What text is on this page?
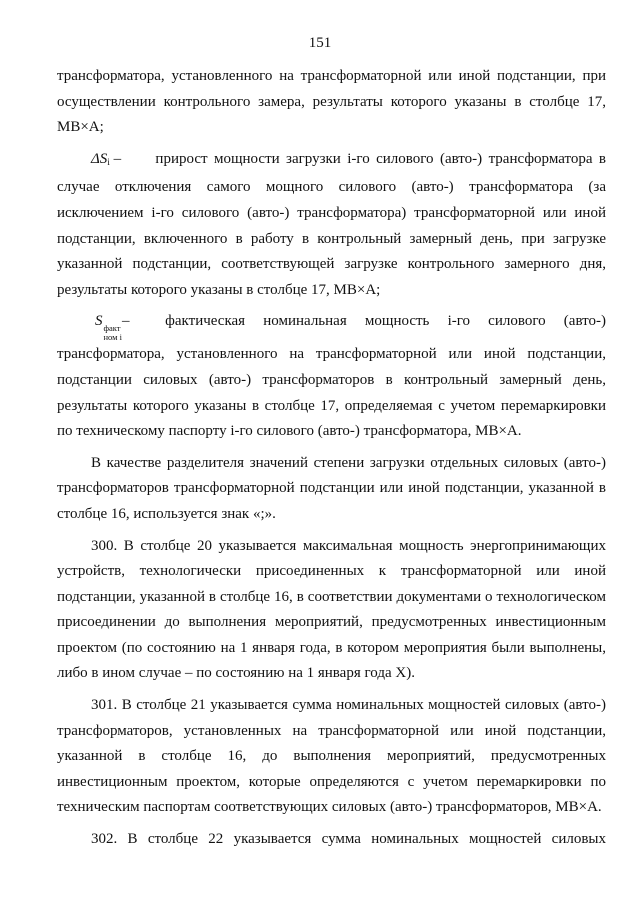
151

трансформатора, установленного на трансформаторной или иной подстанции, при осуществлении контрольного замера, результаты которого указаны в столбце 17, МВ×А;

$\Delta S_i$ – прирост мощности загрузки i-го силового (авто-) трансформатора в случае отключения самого мощного силового (авто-) трансформатора (за исключением i-го силового (авто-) трансформатора) трансформаторной или иной подстанции, включенного в работу в контрольный замерный день, при загрузке указанной подстанции, соответствующей загрузке контрольного замерного дня, результаты которого указаны в столбце 17, МВ×А;

S факт
ном i
– фактическая номинальная мощность i-го силового (авто-) трансформатора, установленного на трансформаторной или иной подстанции, подстанции силовых (авто-) трансформаторов в контрольный замерный день, результаты которого указаны в столбце 17, определяемая с учетом перемаркировки по техническому паспорту i-го силового (авто-) трансформатора, МВ×А.

В качестве разделителя значений степени загрузки отдельных силовых (авто-) трансформаторов трансформаторной подстанции или иной подстанции, указанной в столбце 16, используется знак «;».

300. В столбце 20 указывается максимальная мощность энергопринимающих устройств, технологически присоединенных к трансформаторной или иной подстанции, указанной в столбце 16, в соответствии документами о технологическом присоединении до выполнения мероприятий, предусмотренных инвестиционным проектом (по состоянию на 1 января года, в котором мероприятия были выполнены, либо в ином случае – по состоянию на 1 января года X).

301. В столбце 21 указывается сумма номинальных мощностей силовых (авто-) трансформаторов, установленных на трансформаторной или иной подстанции, указанной в столбце 16, до выполнения мероприятий, предусмотренных инвестиционным проектом, которые определяются с учетом перемаркировки по техническим паспортам соответствующих силовых (авто-) трансформаторов, МВ×А.

302. В столбце 22 указывается сумма номинальных мощностей силовых
